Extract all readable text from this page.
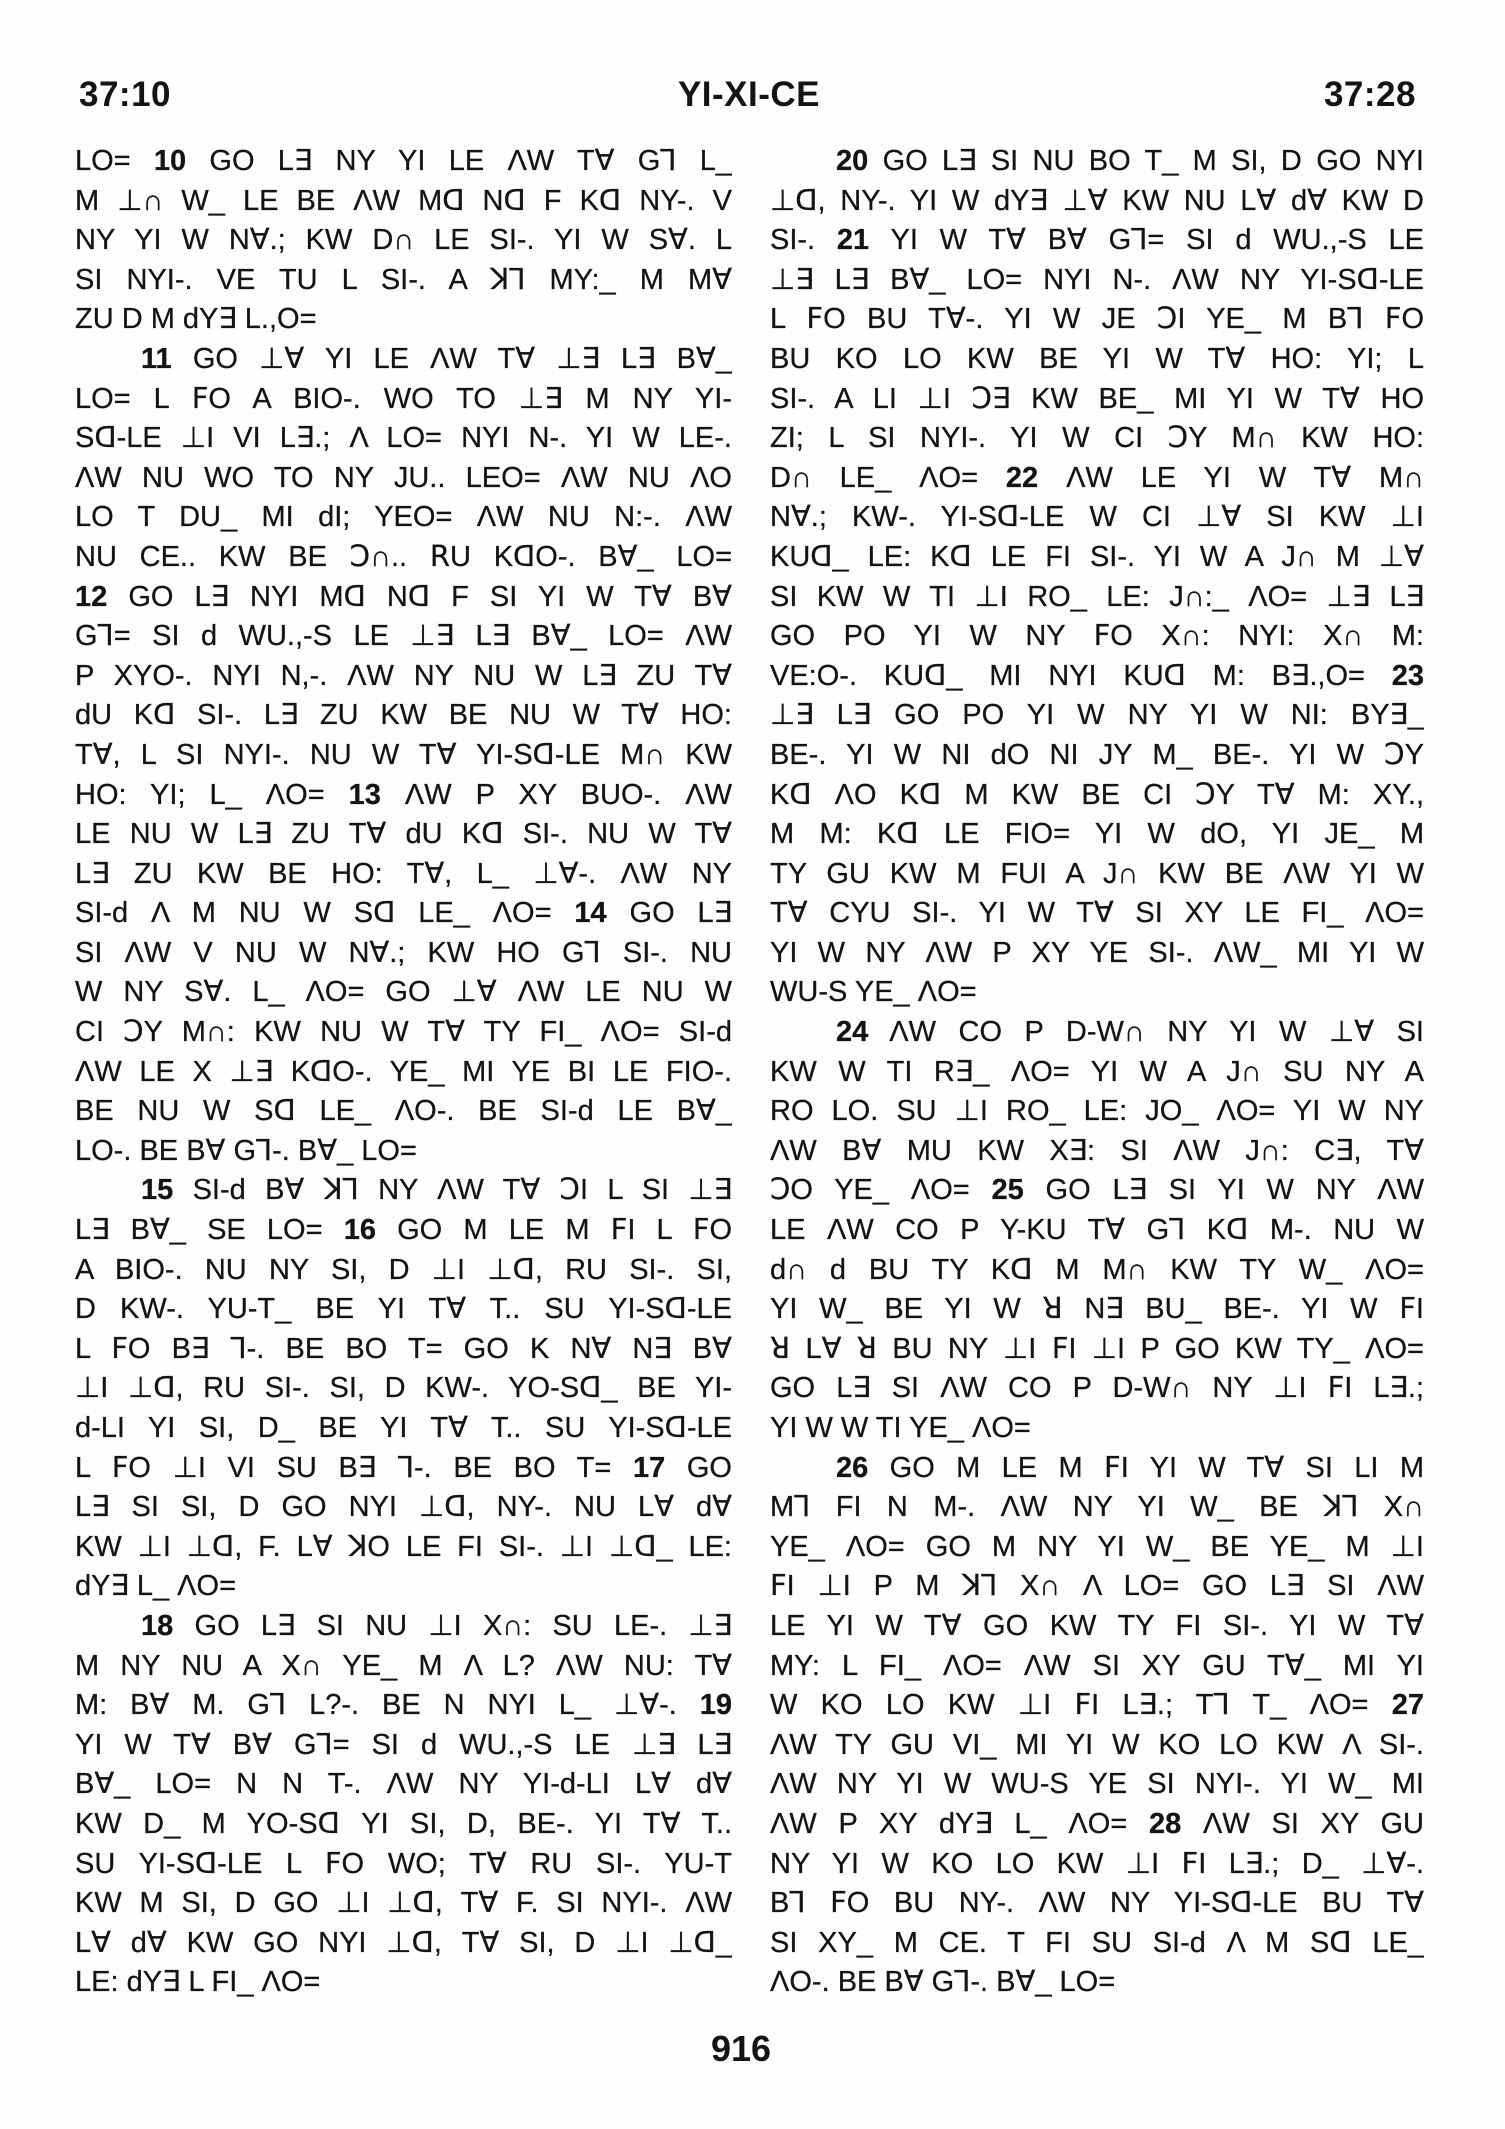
37:10	YI-XI-CE	37:28
LO= 10 GO L∃ NY YI LE ΛW T∀ G⅂ L_
M ⊥∩ W_ LE BE ΛW Mꓷ Nꓷ F Kꓷ NY-. V
NY YI W N∀.; KW D∩ LE SI-. YI W S∀. L
SI NYI-. VE TU L SI-. A ꓘ⅂ MY:_ M M∀
ZU D M dY∃ L.,O=
11 GO ⊥∀ YI LE ΛW T∀ ⊥∃ L∃ B∀_
LO= L ꓝO A BIO-. WO TO ⊥∃ M NY YI-
Sꓷ-LE ⊥I VI L∃.; Λ LO= NYI N-. YI W LE-.
ΛW NU WO TO NY JU.. LEO= ΛW NU ΛO
LO T DU_ MI dI; YEO= ΛW NU N:-. ΛW
NU CE.. KW BE Ↄ∩.. ꓣU KꓷO-. B∀_ LO=
12 GO L∃ NYI Mꓷ Nꓷ F SI YI W T∀ B∀
G⅂= SI d WU.,-S LE ⊥∃ L∃ B∀_ LO= ΛW
P XYO-. NYI N,-. ΛW NY NU W L∃ ZU T∀
dU Kꓷ SI-. L∃ ZU KW BE NU W T∀ HO:
T∀, L SI NYI-. NU W T∀ YI-Sꓷ-LE M∩ KW
HO: YI; L_ ΛO= 13 ΛW P XY BUO-. ΛW
LE NU W L∃ ZU T∀ dU Kꓷ SI-. NU W T∀
L∃ ZU KW BE HO: T∀, L_ ⊥∀-. ΛW NY
SI-d Λ M NU W Sꓷ LE_ ΛO= 14 GO L∃
SI ΛW V NU W N∀.; KW HO G⅂ SI-. NU
W NY S∀. L_ ΛO= GO ⊥∀ ΛW LE NU W
CI ↃY M∩: KW NU W T∀ TY FI_ ΛO= SI-d
ΛW LE X ⊥∃ KꓷO-. YE_ MI YE BI LE FIO-.
BE NU W Sꓷ LE_ ΛO-. BE SI-d LE B∀_
LO-. BE B∀ G⅂-. B∀_ LO=
15 SI-d B∀ ꓘ⅂ NY ΛW T∀ ↃI L SI ⊥∃
L∃ B∀_ SE LO= 16 GO M LE M ꓝI L ꓝO
A BIO-. NU NY SI, D ⊥I ⊥ꓷ, RU SI-. SI,
D KW-. YU-T_ BE YI T∀ T.. SU YI-Sꓷ-LE
L ꓝO B∃ ⅂-. BE BO T= GO K N∀ N∃ B∀
⊥I ⊥ꓷ, RU SI-. SI, D KW-. YO-Sꓷ_ BE YI-
d-LI YI SI, D_ BE YI T∀ T.. SU YI-Sꓷ-LE
L ꓝO ⊥I VI SU B∃ ⅂-. BE BO T= 17 GO
L∃ SI SI, D GO NYI ⊥ꓷ, NY-. NU L∀ d∀
KW ⊥I ⊥ꓷ, F. L∀ ꓘO LE FI SI-. ⊥I ⊥ꓷ_ LE:
dY∃ L_ ΛO=
18 GO L∃ SI NU ⊥I X∩: SU LE-. ⊥∃
M NY NU A X∩ YE_ M Λ L? ΛW NU: T∀
M: B∀ M. G⅂ L?-. BE N NYI L_ ⊥∀-. 19
YI W T∀ B∀ G⅂= SI d WU.,-S LE ⊥∃ L∃
B∀_ LO= N N T-. ΛW NY YI-d-LI L∀ d∀
KW D_ M YO-Sꓷ YI SI, D, BE-. YI T∀ T..
SU YI-Sꓷ-LE L ꓝO WO; T∀ RU SI-. YU-T
KW M SI, D GO ⊥I ⊥ꓷ, T∀ F. SI NYI-. ΛW
L∀ d∀ KW GO NYI ⊥ꓷ, T∀ SI, D ⊥I ⊥ꓷ_
LE: dY∃ L FI_ ΛO=
20 GO L∃ SI NU BO T_ M SI, D GO NYI
⊥ꓷ, NY-. YI W dY∃ ⊥∀ KW NU L∀ d∀ KW D
SI-. 21 YI W T∀ B∀ G⅂= SI d WU.,-S LE
⊥∃ L∃ B∀_ LO= NYI N-. ΛW NY YI-Sꓷ-LE
L ꓝO BU T∀-. YI W JE ↃI YE_ M B⅂ ꓝO
BU KO LO KW BE YI W T∀ HO: YI; L
SI-. A LI ⊥I Ↄ∃ KW BE_ MI YI W T∀ HO
ZI; L SI NYI-. YI W CI ↃY M∩ KW HO:
D∩ LE_ ΛO= 22 ΛW LE YI W T∀ M∩
N∀.; KW-. YI-Sꓷ-LE W CI ⊥∀ SI KW ⊥I
KUꓷ_ LE: Kꓷ LE FI SI-. YI W A J∩ M ⊥∀
SI KW W TI ⊥I RO_ LE: J∩:_ ΛO= ⊥∃ L∃
GO PO YI W NY ꓝO X∩: NYI: X∩ M:
VE:O-. KUꓷ_ MI NYI KUꓷ M: B∃.,O= 23
⊥∃ L∃ GO PO YI W NY YI W NI: BY∃_
BE-. YI W NI dO NI JY M_ BE-. YI W ↃY
Kꓷ ΛO Kꓷ M KW BE CI ↃY T∀ M: XY.,
M M: Kꓷ LE FIO= YI W dO, YI JE_ M
TY GU KW M FUI A J∩ KW BE ΛW YI W
T∀ CYU SI-. YI W T∀ SI XY LE FI_ ΛO=
YI W NY ΛW P XY YE SI-. ΛW_ MI YI W
WU-S YE_ ΛO=
24 ΛW CO P D-W∩ NY YI W ⊥∀ SI
KW W TI R∃_ ΛO= YI W A J∩ SU NY A
RO LO. SU ⊥I RO_ LE: JO_ ΛO= YI W NY
ΛW B∀ MU KW X∃: SI ΛW J∩: C∃, T∀
ↃO YE_ ΛO= 25 GO L∃ SI YI W NY ΛW
LE ΛW CO P Y-KU T∀ G⅂ Kꓷ M-. NU W
d∩ d BU TY Kꓷ M M∩ KW TY W_ ΛO=
YI W_ BE YI W ꓤ N∃ BU_ BE-. YI W ꓝI
ꓤ L∀ ꓤ BU NY ⊥I ꓝI ⊥I P GO KW TY_ ΛO=
GO L∃ SI ΛW CO P D-W∩ NY ⊥I ꓝI L∃.;
YI W W TI YE_ ΛO=
26 GO M LE M ꓝI YI W T∀ SI LI M
M⅂ FI N M-. ΛW NY YI W_ BE ꓘ⅂ X∩
YE_ ΛO= GO M NY YI W_ BE YE_ M ⊥I
ꓝI ⊥I P M ꓘ⅂ X∩ Λ LO= GO L∃ SI ΛW
LE YI W T∀ GO KW TY FI SI-. YI W T∀
MY: L FI_ ΛO= ΛW SI XY GU T∀_ MI YI
W KO LO KW ⊥I ꓝI L∃.; T⅂ T_ ΛO= 27
ΛW TY GU VI_ MI YI W KO LO KW Λ SI-.
ΛW NY YI W WU-S YE SI NYI-. YI W_ MI
ΛW P XY dY∃ L_ ΛO= 28 ΛW SI XY GU
NY YI W KO LO KW ⊥I ꓝI L∃.; D_ ⊥∀-.
B⅂ ꓝO BU NY-. ΛW NY YI-Sꓷ-LE BU T∀
SI XY_ M CE. T FI SU SI-d Λ M Sꓷ LE_
ΛO-. BE B∀ G⅂-. B∀_ LO=
916
